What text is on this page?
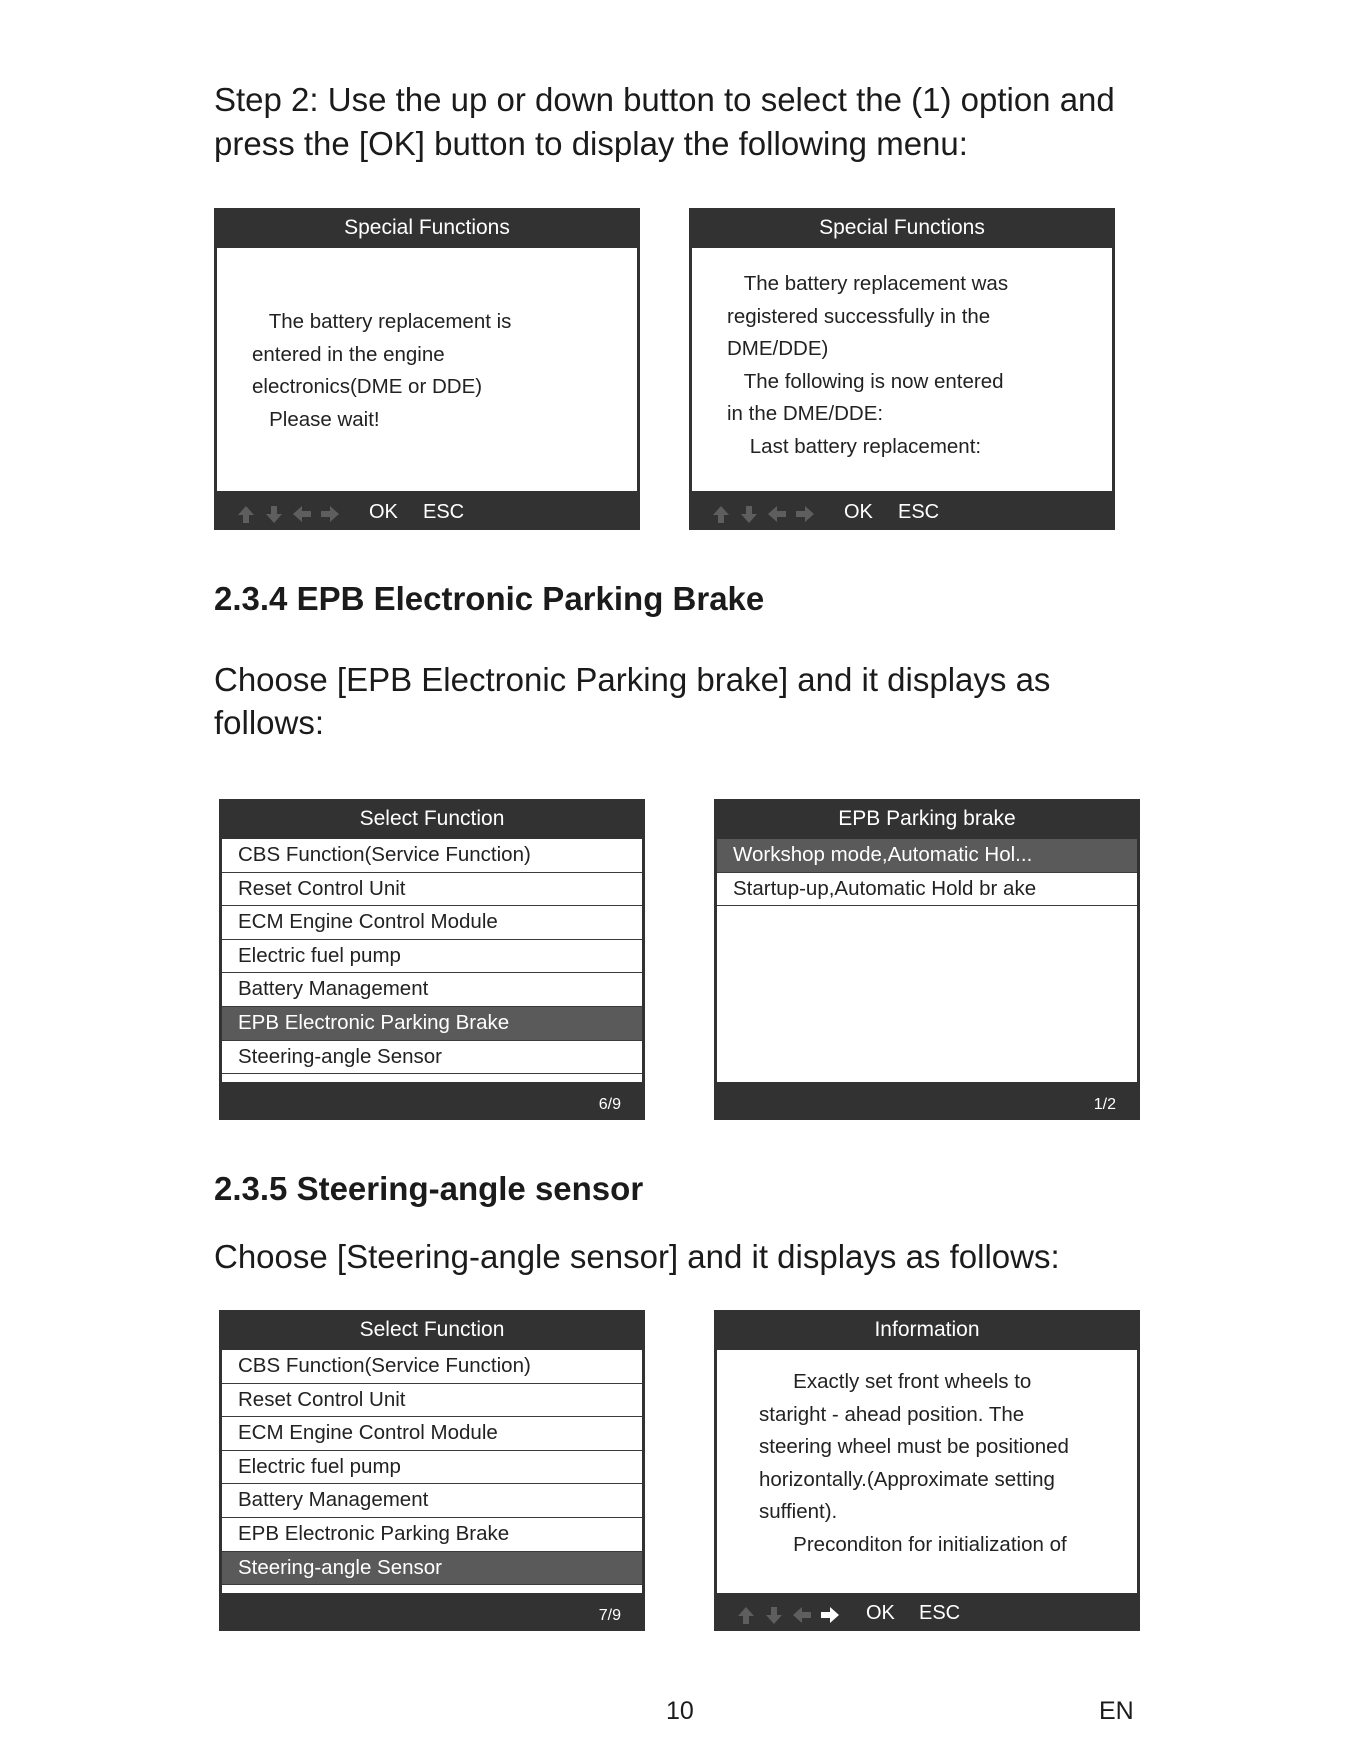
Step 2: Use the up or down button to select the (1) option and

press the [OK] button to display the following menu:

Special Functions
The battery replacement is
entered in the engine
electronics(DME or DDE)
Please wait!
OK ESC
Special Functions
The battery replacement was
registered successfully in the
DME/DDE)
The following is now entered
in the DME/DDE:
Last battery replacement:
OK ESC
2.3.4 EPB Electronic Parking Brake

Choose [EPB Electronic Parking brake] and it displays as

follows:

Select Function
CBS Function(Service Function)
Reset Control Unit
ECM Engine Control Module
Electric fuel pump
Battery Management
EPB Electronic Parking Brake
Steering-angle Sensor
6/9
EPB Parking brake
Workshop mode,Automatic Hol...
Startup-up,Automatic Hold br ake
1/2
2.3.5 Steering-angle sensor

Choose [Steering-angle sensor] and it displays as follows:

Select Function
CBS Function(Service Function)
Reset Control Unit
ECM Engine Control Module
Electric fuel pump
Battery Management
EPB Electronic Parking Brake
Steering-angle Sensor
7/9
Information
Exactly set front wheels to
staright - ahead position. The
steering wheel must be positioned
horizontally.(Approximate setting
suffient).
Preconditon for initialization of
OK ESC
10	EN
